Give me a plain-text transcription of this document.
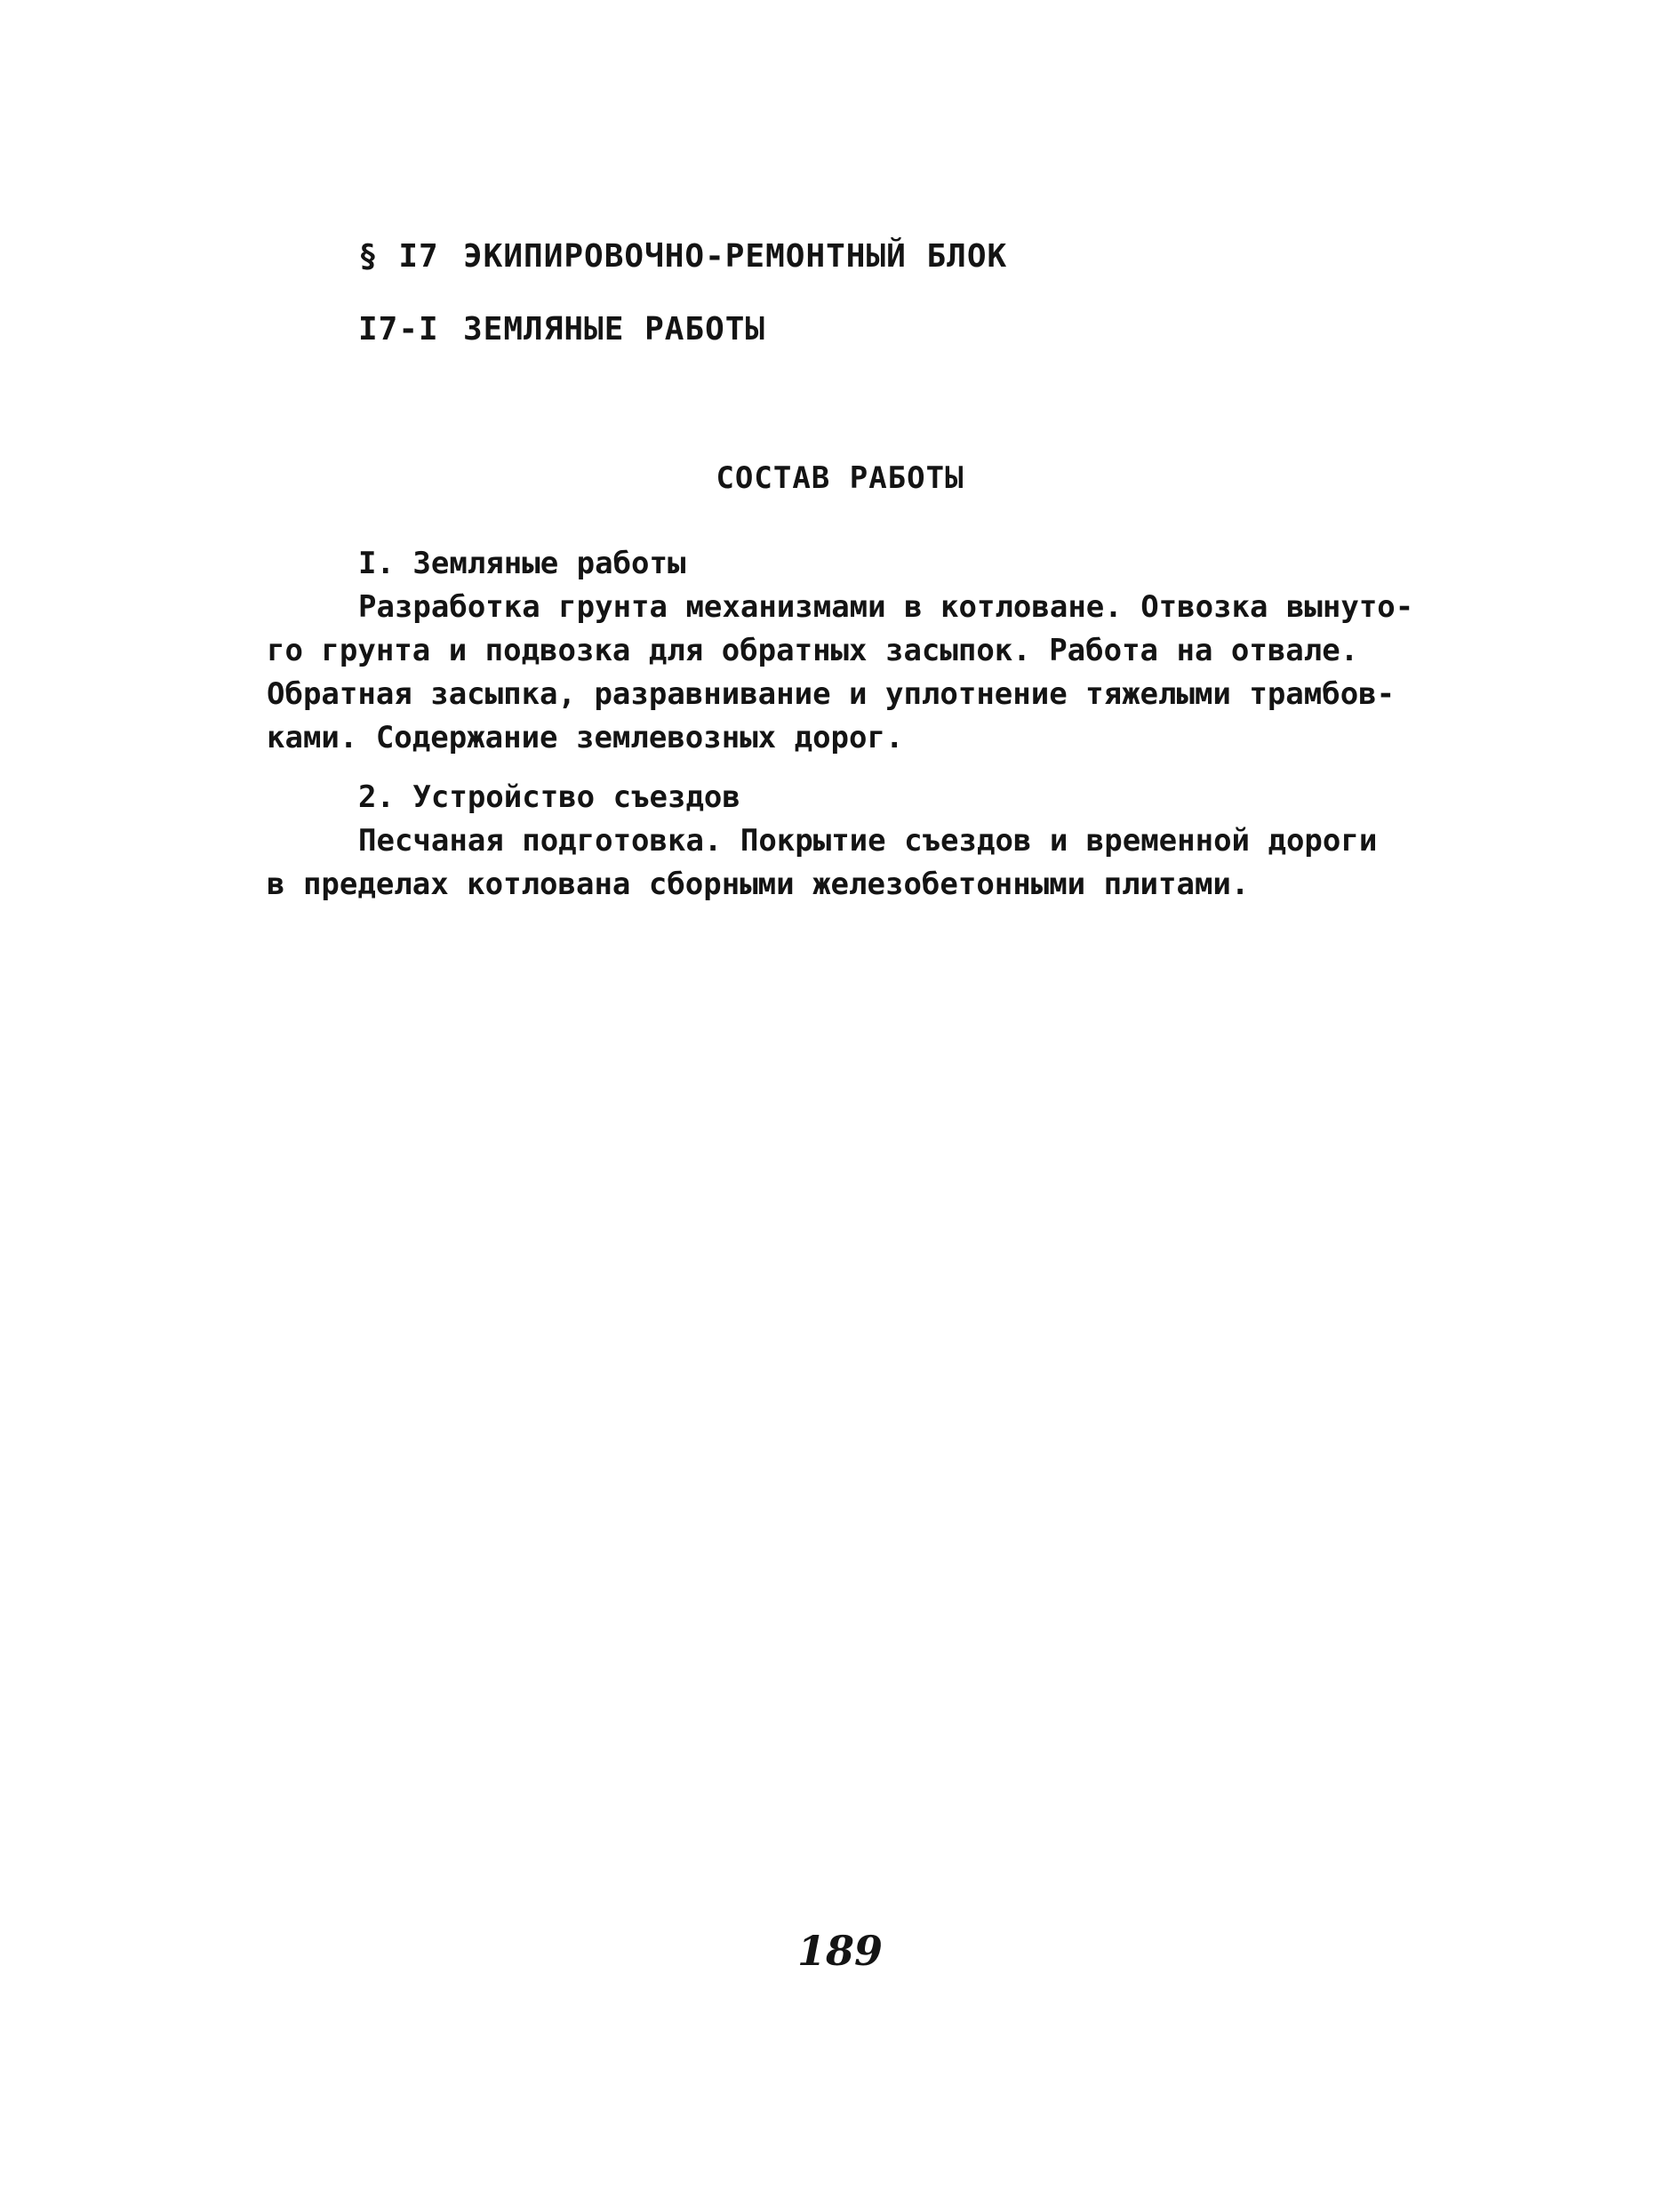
§ I7 ЭКИПИРОВОЧНО-РЕМОНТНЫЙ БЛОК
I7-I ЗЕМЛЯНЫЕ РАБОТЫ
СОСТАВ РАБОТЫ
I. Земляные работы
Разработка грунта механизмами в котловане. Отвозка вынуто-
го грунта и подвозка для обратных засыпок. Работа на отвале.
Обратная засыпка, разравнивание и уплотнение тяжелыми трамбов-
ками. Содержание землевозных дорог.
2. Устройство съездов
Песчаная подготовка. Покрытие съездов и временной дороги
в пределах котлована сборными железобетонными плитами.
189
